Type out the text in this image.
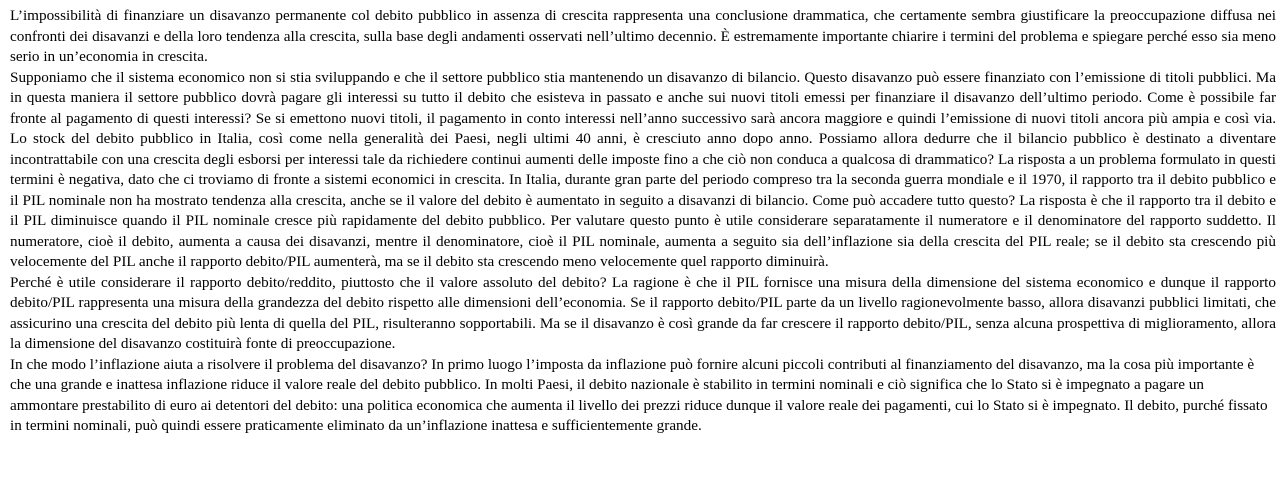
L’impossibilità di finanziare un disavanzo permanente col debito pubblico in assenza di crescita rappresenta una conclusione drammatica, che certamente sembra giustificare la preoccupazione diffusa nei confronti dei disavanzi e della loro tendenza alla crescita, sulla base degli andamenti osservati nell’ultimo decennio. È estremamente importante chiarire i termini del problema e spiegare perché esso sia meno serio in un’economia in crescita.

Supponiamo che il sistema economico non si stia sviluppando e che il settore pubblico stia mantenendo un disavanzo di bilancio. Questo disavanzo può essere finanziato con l’emissione di titoli pubblici. Ma in questa maniera il settore pubblico dovrà pagare gli interessi su tutto il debito che esisteva in passato e anche sui nuovi titoli emessi per finanziare il disavanzo dell’ultimo periodo. Come è possibile far fronte al pagamento di questi interessi? Se si emettono nuovi titoli, il pagamento in conto interessi nell’anno successivo sarà ancora maggiore e quindi l’emissione di nuovi titoli ancora più ampia e così via. Lo stock del debito pubblico in Italia, così come nella generalità dei Paesi, negli ultimi 40 anni, è cresciuto anno dopo anno. Possiamo allora dedurre che il bilancio pubblico è destinato a diventare incontrattabile con una crescita degli esborsi per interessi tale da richiedere continui aumenti delle imposte fino a che ciò non conduca a qualcosa di drammatico? La risposta a un problema formulato in questi termini è negativa, dato che ci troviamo di fronte a sistemi economici in crescita. In Italia, durante gran parte del periodo compreso tra la seconda guerra mondiale e il 1970, il rapporto tra il debito pubblico e il PIL nominale non ha mostrato tendenza alla crescita, anche se il valore del debito è aumentato in seguito a disavanzi di bilancio. Come può accadere tutto questo? La risposta è che il rapporto tra il debito e il PIL diminuisce quando il PIL nominale cresce più rapidamente del debito pubblico. Per valutare questo punto è utile considerare separatamente il numeratore e il denominatore del rapporto suddetto. Il numeratore, cioè il debito, aumenta a causa dei disavanzi, mentre il denominatore, cioè il PIL nominale, aumenta a seguito sia dell’inflazione sia della crescita del PIL reale; se il debito sta crescendo più velocemente del PIL anche il rapporto debito/PIL aumenterà, ma se il debito sta crescendo meno velocemente quel rapporto diminuirà.

Perché è utile considerare il rapporto debito/reddito, piuttosto che il valore assoluto del debito? La ragione è che il PIL fornisce una misura della dimensione del sistema economico e dunque il rapporto debito/PIL rappresenta una misura della grandezza del debito rispetto alle dimensioni dell’economia. Se il rapporto debito/PIL parte da un livello ragionevolmente basso, allora disavanzi pubblici limitati, che assicurino una crescita del debito più lenta di quella del PIL, risulteranno sopportabili. Ma se il disavanzo è così grande da far crescere il rapporto debito/PIL, senza alcuna prospettiva di miglioramento, allora la dimensione del disavanzo costituirà fonte di preoccupazione.

In che modo l’inflazione aiuta a risolvere il problema del disavanzo? In primo luogo l’imposta da inflazione può fornire alcuni piccoli contributi al finanziamento del disavanzo, ma la cosa più importante è che una grande e inattesa inflazione riduce il valore reale del debito pubblico. In molti Paesi, il debito nazionale è stabilito in termini nominali e ciò significa che lo Stato si è impegnato a pagare un ammontare prestabilito di euro ai detentori del debito: una politica economica che aumenta il livello dei prezzi riduce dunque il valore reale dei pagamenti, cui lo Stato si è impegnato. Il debito, purché fissato in termini nominali, può quindi essere praticamente eliminato da un’inflazione inattesa e sufficientemente grande.
